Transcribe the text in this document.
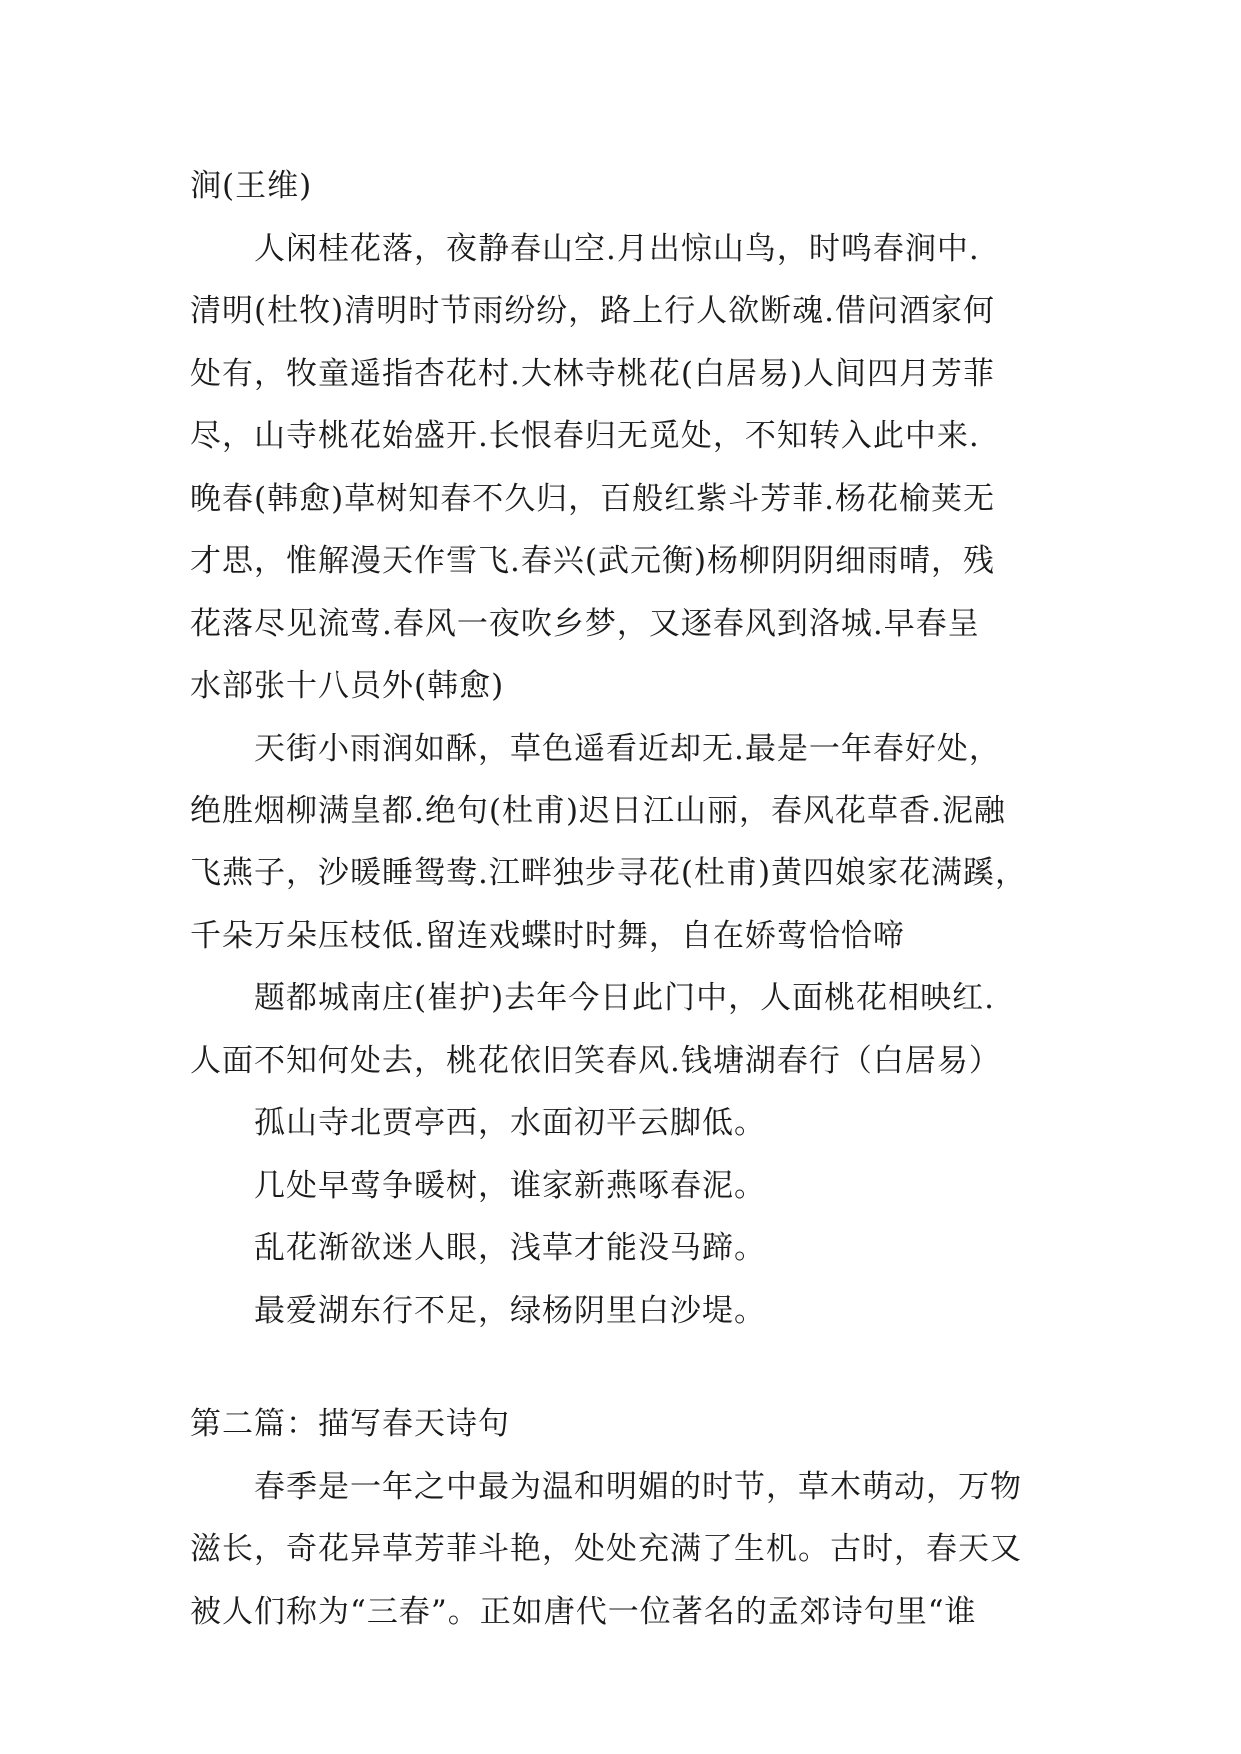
涧(王维)
人闲桂花落，夜静春山空.月出惊山鸟，时鸣春涧中.
清明(杜牧)清明时节雨纷纷，路上行人欲断魂.借问酒家何
处有，牧童遥指杏花村.大林寺桃花(白居易)人间四月芳菲
尽，山寺桃花始盛开.长恨春归无觅处，不知转入此中来.
晚春(韩愈)草树知春不久归，百般红紫斗芳菲.杨花榆荚无
才思，惟解漫天作雪飞.春兴(武元衡)杨柳阴阴细雨晴，残
花落尽见流莺.春风一夜吹乡梦，又逐春风到洛城.早春呈
水部张十八员外(韩愈)
天街小雨润如酥，草色遥看近却无.最是一年春好处，
绝胜烟柳满皇都.绝句(杜甫)迟日江山丽，春风花草香.泥融
飞燕子，沙暖睡鸳鸯.江畔独步寻花(杜甫)黄四娘家花满蹊，
千朵万朵压枝低.留连戏蝶时时舞，自在娇莺恰恰啼
题都城南庄(崔护)去年今日此门中，人面桃花相映红.
人面不知何处去，桃花依旧笑春风.钱塘湖春行（白居易）
孤山寺北贾亭西，水面初平云脚低。
几处早莺争暖树，谁家新燕啄春泥。
乱花渐欲迷人眼，浅草才能没马蹄。
最爱湖东行不足，绿杨阴里白沙堤。
第二篇：描写春天诗句
春季是一年之中最为温和明媚的时节，草木萌动，万物
滋长，奇花异草芳菲斗艳，处处充满了生机。古时，春天又
被人们称为“三春”。正如唐代一位著名的孟郊诗句里“谁
